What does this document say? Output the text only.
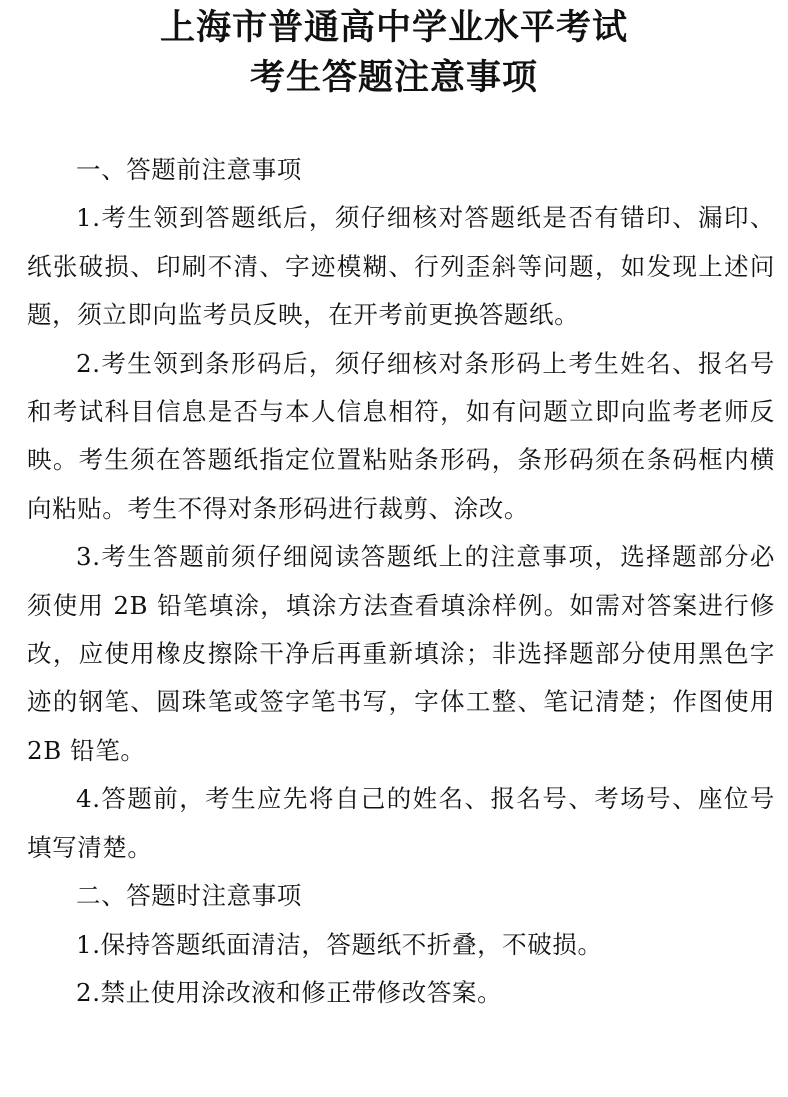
上海市普通高中学业水平考试
考生答题注意事项

一、答题前注意事项

1.考生领到答题纸后，须仔细核对答题纸是否有错印、漏印、纸张破损、印刷不清、字迹模糊、行列歪斜等问题，如发现上述问题，须立即向监考员反映，在开考前更换答题纸。

2.考生领到条形码后，须仔细核对条形码上考生姓名、报名号和考试科目信息是否与本人信息相符，如有问题立即向监考老师反映。考生须在答题纸指定位置粘贴条形码，条形码须在条码框内横向粘贴。考生不得对条形码进行裁剪、涂改。

3.考生答题前须仔细阅读答题纸上的注意事项，选择题部分必须使用 2B 铅笔填涂，填涂方法查看填涂样例。如需对答案进行修改，应使用橡皮擦除干净后再重新填涂；非选择题部分使用黑色字迹的钢笔、圆珠笔或签字笔书写，字体工整、笔记清楚；作图使用 2B 铅笔。

4.答题前，考生应先将自己的姓名、报名号、考场号、座位号填写清楚。

二、答题时注意事项

1.保持答题纸面清洁，答题纸不折叠，不破损。

2.禁止使用涂改液和修正带修改答案。
